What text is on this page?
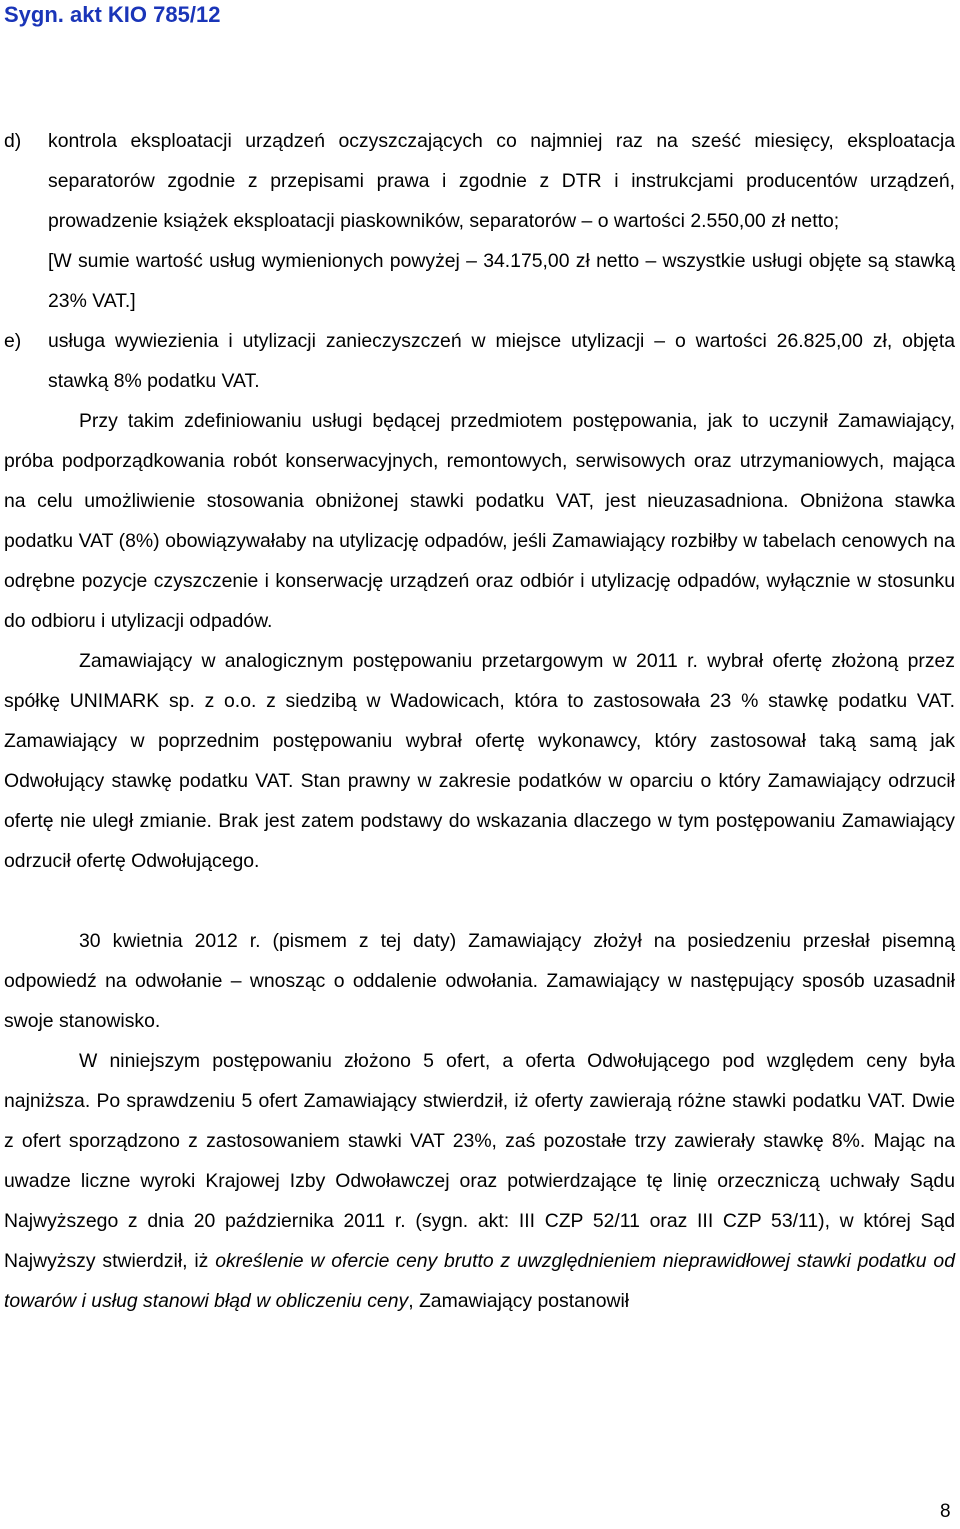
Sygn. akt KIO 785/12
d)	kontrola eksploatacji urządzeń oczyszczających co najmniej raz na sześć miesięcy, eksploatacja separatorów zgodnie z przepisami prawa i zgodnie z DTR i instrukcjami producentów urządzeń, prowadzenie książek eksploatacji piaskowników, separatorów – o wartości 2.550,00 zł netto;

[W sumie wartość usług wymienionych powyżej – 34.175,00 zł netto – wszystkie usługi objęte są stawką 23% VAT.]

e)	usługa wywiezienia i utylizacji zanieczyszczeń w miejsce utylizacji – o wartości 26.825,00 zł, objęta stawką 8% podatku VAT.

Przy takim zdefiniowaniu usługi będącej przedmiotem postępowania, jak to uczynił Zamawiający, próba podporządkowania robót konserwacyjnych, remontowych, serwisowych oraz utrzymaniowych, mająca na celu umożliwienie stosowania obniżonej stawki podatku VAT, jest nieuzasadniona. Obniżona stawka podatku VAT (8%) obowiązywałaby na utylizację odpadów, jeśli Zamawiający rozbiłby w tabelach cenowych na odrębne pozycje czyszczenie i konserwację urządzeń oraz odbiór i utylizację odpadów, wyłącznie w stosunku do odbioru i utylizacji odpadów.

Zamawiający w analogicznym postępowaniu przetargowym w 2011 r. wybrał ofertę złożoną przez spółkę UNIMARK sp. z o.o. z siedzibą w Wadowicach, która to zastosowała 23 % stawkę podatku VAT. Zamawiający w poprzednim postępowaniu wybrał ofertę wykonawcy, który zastosował taką samą jak Odwołujący stawkę podatku VAT. Stan prawny w zakresie podatków w oparciu o który Zamawiający odrzucił ofertę nie uległ zmianie. Brak jest zatem podstawy do wskazania dlaczego w tym postępowaniu Zamawiający odrzucił ofertę Odwołującego.

30 kwietnia 2012 r. (pismem z tej daty) Zamawiający złożył na posiedzeniu przesłał pisemną odpowiedź na odwołanie – wnosząc o oddalenie odwołania. Zamawiający w następujący sposób uzasadnił swoje stanowisko.

W niniejszym postępowaniu złożono 5 ofert, a oferta Odwołującego pod względem ceny była najniższa. Po sprawdzeniu 5 ofert Zamawiający stwierdził, iż oferty zawierają różne stawki podatku VAT. Dwie z ofert sporządzono z zastosowaniem stawki VAT 23%, zaś pozostałe trzy zawierały stawkę 8%. Mając na uwadze liczne wyroki Krajowej Izby Odwoławczej oraz potwierdzające tę linię orzeczniczą uchwały Sądu Najwyższego z dnia 20 października 2011 r. (sygn. akt: III CZP 52/11 oraz III CZP 53/11), w której Sąd Najwyższy stwierdził, iż określenie w ofercie ceny brutto z uwzględnieniem nieprawidłowej stawki podatku od towarów i usług stanowi błąd w obliczeniu ceny, Zamawiający postanowił

8
